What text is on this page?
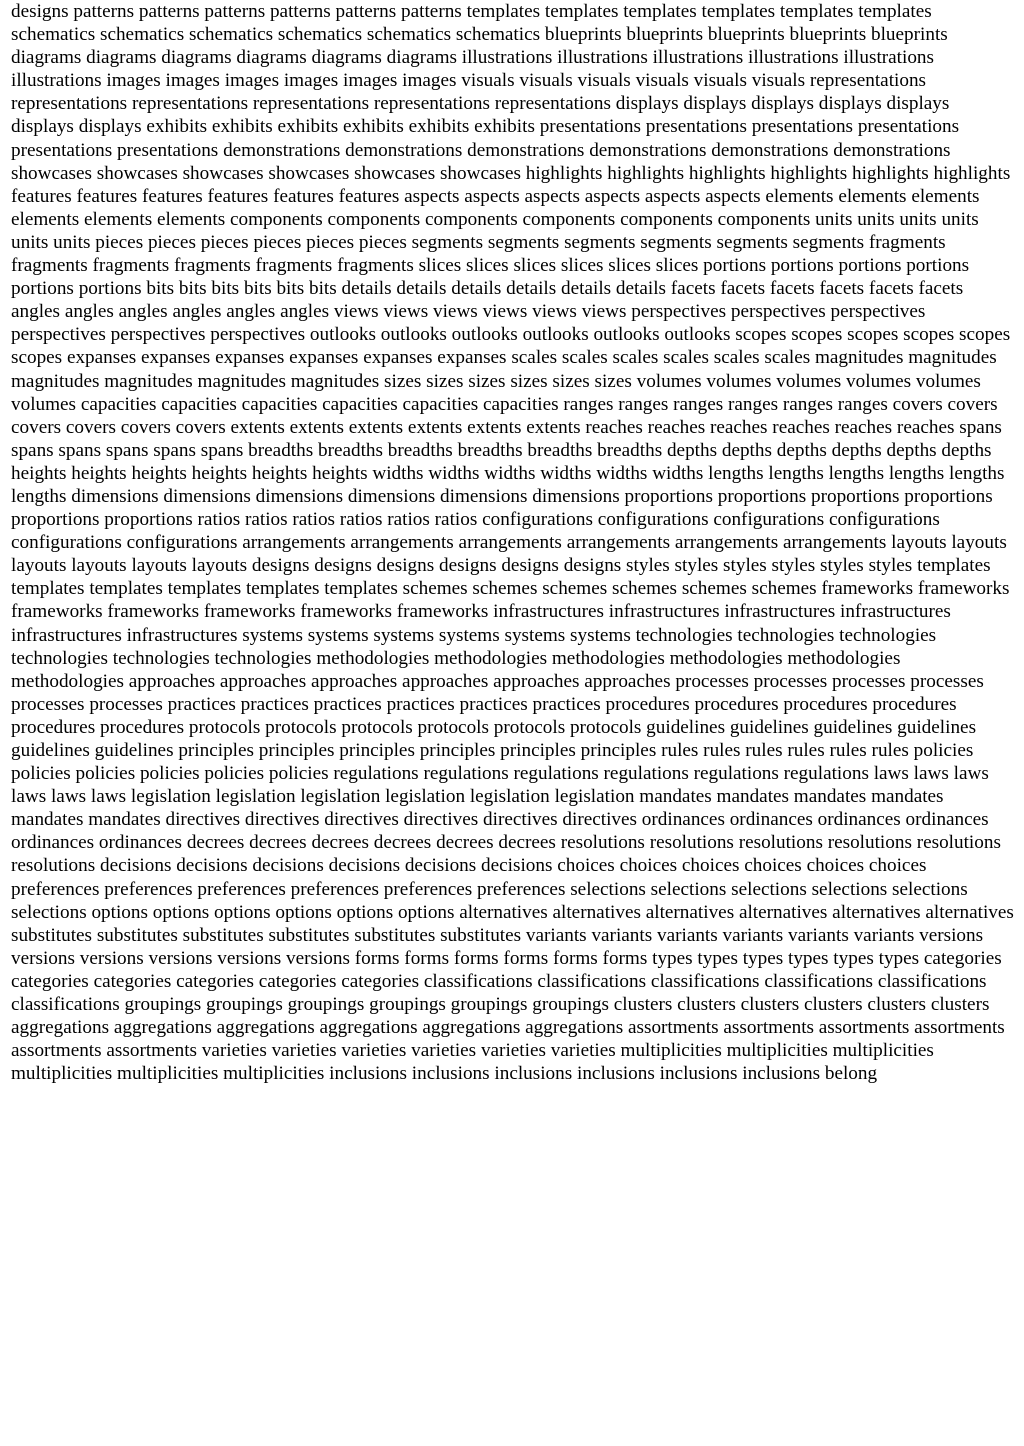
designs patterns patterns patterns patterns patterns patterns templates templates templates templates templates templates schematics schematics schematics schematics schematics schematics blueprints blueprints blueprints blueprints blueprints diagrams diagrams diagrams diagrams diagrams diagrams illustrations illustrations illustrations illustrations illustrations illustrations images images images images images images visuals visuals visuals visuals visuals visuals representations representations representations representations representations representations displays displays displays displays displays displays displays exhibits exhibits exhibits exhibits exhibits exhibits presentations presentations presentations presentations presentations presentations demonstrations demonstrations demonstrations demonstrations demonstrations demonstrations showcases showcases showcases showcases showcases showcases highlights highlights highlights highlights highlights highlights features features features features features features aspects aspects aspects aspects aspects aspects elements elements elements elements elements elements components components components components components components units units units units units units pieces pieces pieces pieces pieces pieces segments segments segments segments segments segments fragments fragments fragments fragments fragments fragments slices slices slices slices slices slices portions portions portions portions portions portions bits bits bits bits bits bits details details details details details details facets facets facets facets facets facets angles angles angles angles angles angles views views views views views views perspectives perspectives perspectives perspectives perspectives perspectives outlooks outlooks outlooks outlooks outlooks outlooks scopes scopes scopes scopes scopes scopes expanses expanses expanses expanses expanses expanses scales scales scales scales scales scales magnitudes magnitudes magnitudes magnitudes magnitudes magnitudes sizes sizes sizes sizes sizes sizes volumes volumes volumes volumes volumes volumes capacities capacities capacities capacities capacities capacities ranges ranges ranges ranges ranges ranges covers covers covers covers covers covers extents extents extents extents extents extents reaches reaches reaches reaches reaches reaches spans spans spans spans spans spans breadths breadths breadths breadths breadths breadths depths depths depths depths depths depths heights heights heights heights heights heights widths widths widths widths widths widths lengths lengths lengths lengths lengths lengths dimensions dimensions dimensions dimensions dimensions dimensions proportions proportions proportions proportions proportions proportions ratios ratios ratios ratios ratios ratios configurations configurations configurations configurations configurations configurations arrangements arrangements arrangements arrangements arrangements arrangements layouts layouts layouts layouts layouts layouts designs designs designs designs designs designs styles styles styles styles styles styles templates templates templates templates templates templates schemes schemes schemes schemes schemes schemes frameworks frameworks frameworks frameworks frameworks frameworks frameworks infrastructures infrastructures infrastructures infrastructures infrastructures infrastructures systems systems systems systems systems systems technologies technologies technologies technologies technologies technologies methodologies methodologies methodologies methodologies methodologies methodologies approaches approaches approaches approaches approaches approaches processes processes processes processes processes processes practices practices practices practices practices practices procedures procedures procedures procedures procedures procedures protocols protocols protocols protocols protocols protocols guidelines guidelines guidelines guidelines guidelines guidelines principles principles principles principles principles principles rules rules rules rules rules rules policies policies policies policies policies policies regulations regulations regulations regulations regulations regulations laws laws laws laws laws laws legislation legislation legislation legislation legislation legislation mandates mandates mandates mandates mandates mandates directives directives directives directives directives directives ordinances ordinances ordinances ordinances ordinances ordinances decrees decrees decrees decrees decrees decrees resolutions resolutions resolutions resolutions resolutions resolutions decisions decisions decisions decisions decisions decisions choices choices choices choices choices choices preferences preferences preferences preferences preferences preferences selections selections selections selections selections selections options options options options options options alternatives alternatives alternatives alternatives alternatives alternatives substitutes substitutes substitutes substitutes substitutes substitutes variants variants variants variants variants variants versions versions versions versions versions versions forms forms forms forms forms forms types types types types types types categories categories categories categories categories categories classifications classifications classifications classifications classifications classifications groupings groupings groupings groupings groupings groupings clusters clusters clusters clusters clusters clusters aggregations aggregations aggregations aggregations aggregations aggregations assortments assortments assortments assortments assortments assortments varieties varieties varieties varieties varieties varieties multiplicities multiplicities multiplicities multiplicities multiplicities multiplicities inclusions inclusions inclusions inclusions inclusions inclusions belong
